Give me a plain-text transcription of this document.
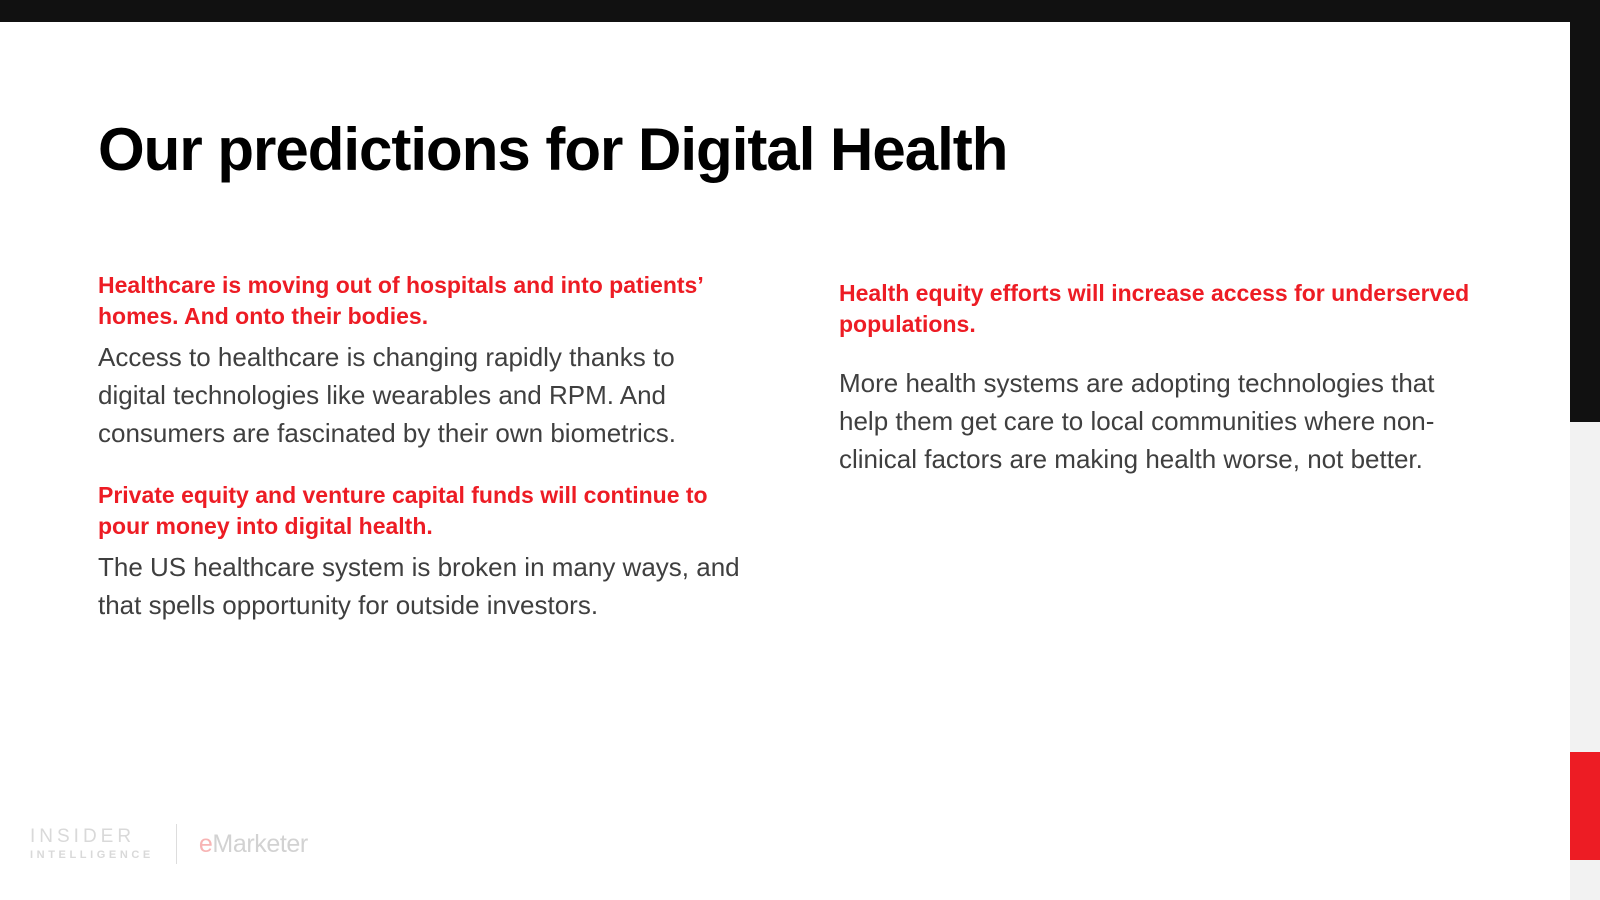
Our predictions for Digital Health

Healthcare is moving out of hospitals and into patients’ homes. And onto their bodies.

Access to healthcare is changing rapidly thanks to digital technologies like wearables and RPM. And consumers are fascinated by their own biometrics.

Private equity and venture capital funds will continue to pour money into digital health.

The US healthcare system is broken in many ways, and that spells opportunity for outside investors.

Health equity efforts will increase access for underserved populations.

More health systems are adopting technologies that help them get care to local communities where non-clinical factors are making health worse, not better.

INSIDER
INTELLIGENCE eMarketer
